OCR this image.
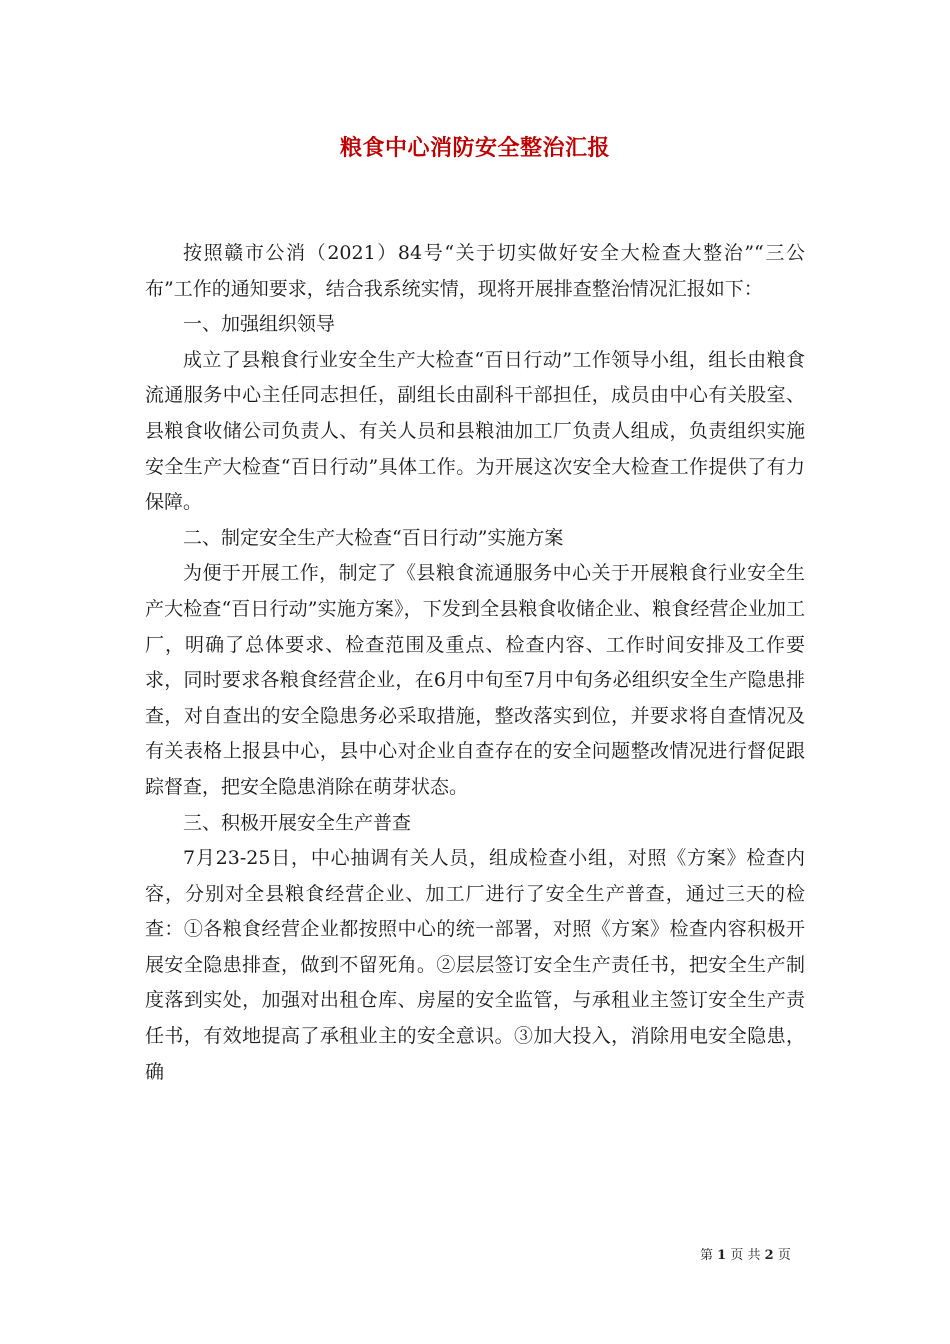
粮食中心消防安全整治汇报

按照赣市公消（2021）84号“关于切实做好安全大检查大整治”“三公布”工作的通知要求，结合我系统实情，现将开展排查整治情况汇报如下：

一、加强组织领导

成立了县粮食行业安全生产大检查“百日行动”工作领导小组，组长由粮食流通服务中心主任同志担任，副组长由副科干部担任，成员由中心有关股室、县粮食收储公司负责人、有关人员和县粮油加工厂负责人组成，负责组织实施安全生产大检查“百日行动”具体工作。为开展这次安全大检查工作提供了有力保障。

二、制定安全生产大检查“百日行动”实施方案

为便于开展工作，制定了《县粮食流通服务中心关于开展粮食行业安全生产大检查“百日行动”实施方案》，下发到全县粮食收储企业、粮食经营企业加工厂，明确了总体要求、检查范围及重点、检查内容、工作时间安排及工作要求，同时要求各粮食经营企业，在6月中旬至7月中旬务必组织安全生产隐患排查，对自查出的安全隐患务必采取措施，整改落实到位，并要求将自查情况及有关表格上报县中心，县中心对企业自查存在的安全问题整改情况进行督促跟踪督查，把安全隐患消除在萌芽状态。

三、积极开展安全生产普查

7月23-25日，中心抽调有关人员，组成检查小组，对照《方案》检查内容，分别对全县粮食经营企业、加工厂进行了安全生产普查，通过三天的检查：①各粮食经营企业都按照中心的统一部署，对照《方案》检查内容积极开展安全隐患排查，做到不留死角。②层层签订安全生产责任书，把安全生产制度落到实处，加强对出租仓库、房屋的安全监管，与承租业主签订安全生产责任书，有效地提高了承租业主的安全意识。③加大投入，消除用电安全隐患，确

第 1 页 共 2 页
